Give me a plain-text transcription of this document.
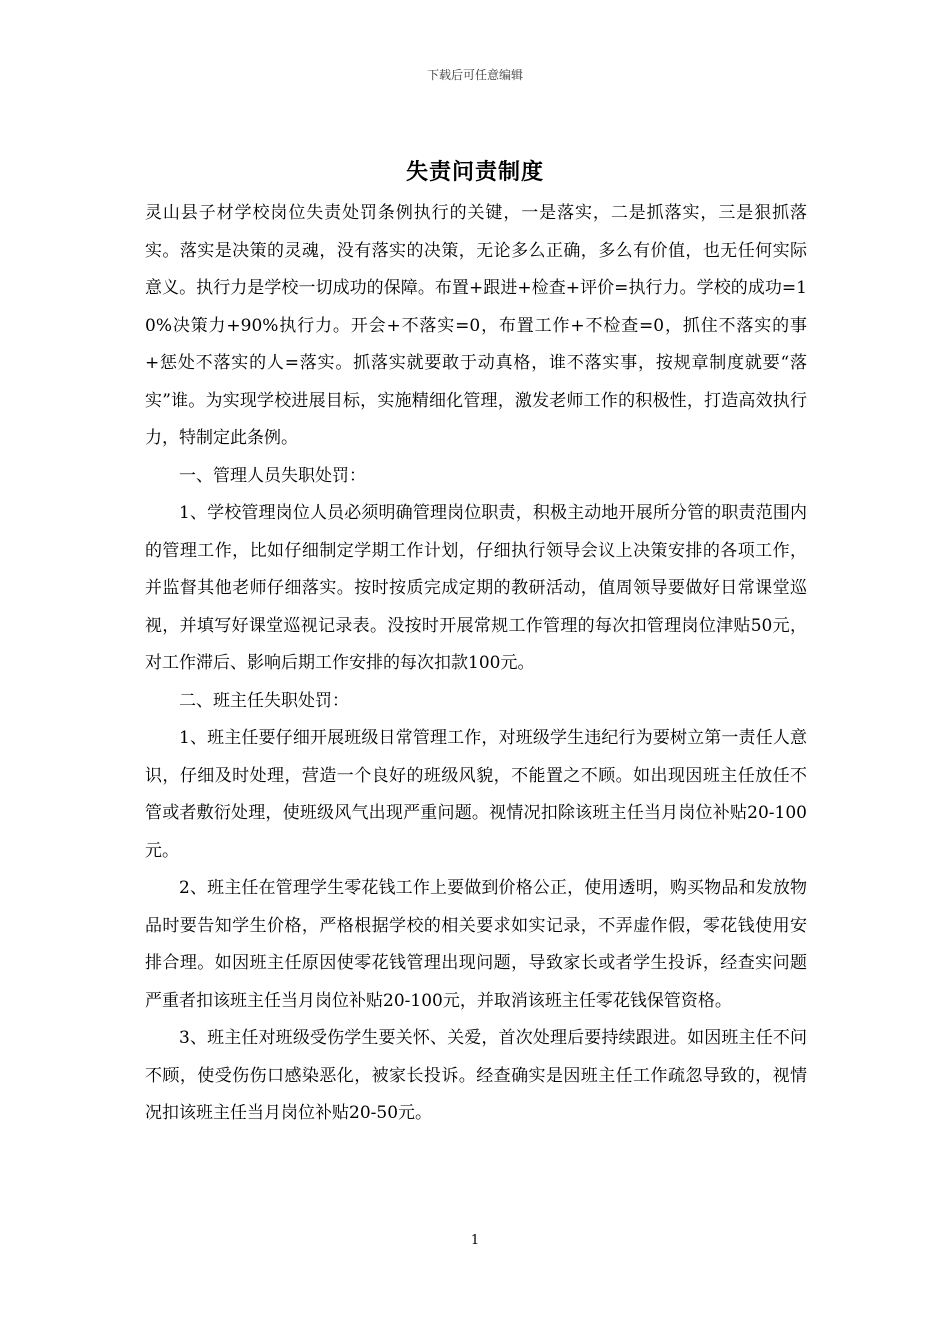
下载后可任意编辑
失责问责制度

灵山县子材学校岗位失责处罚条例执行的关键，一是落实，二是抓落实，三是狠抓落实。落实是决策的灵魂，没有落实的决策，无论多么正确，多么有价值，也无任何实际意义。执行力是学校一切成功的保障。布置+跟进+检查+评价=执行力。学校的成功=10%决策力+90%执行力。开会+不落实=0，布置工作+不检查=0，抓住不落实的事+惩处不落实的人=落实。抓落实就要敢于动真格，谁不落实事，按规章制度就要“落实”谁。为实现学校进展目标，实施精细化管理，激发老师工作的积极性，打造高效执行力，特制定此条例。

一、管理人员失职处罚：

1、学校管理岗位人员必须明确管理岗位职责，积极主动地开展所分管的职责范围内的管理工作，比如仔细制定学期工作计划，仔细执行领导会议上决策安排的各项工作，并监督其他老师仔细落实。按时按质完成定期的教研活动，值周领导要做好日常课堂巡视，并填写好课堂巡视记录表。没按时开展常规工作管理的每次扣管理岗位津贴50元，对工作滞后、影响后期工作安排的每次扣款100元。

二、班主任失职处罚：

1、班主任要仔细开展班级日常管理工作，对班级学生违纪行为要树立第一责任人意识，仔细及时处理，营造一个良好的班级风貌，不能置之不顾。如出现因班主任放任不管或者敷衍处理，使班级风气出现严重问题。视情况扣除该班主任当月岗位补贴20-100元。

2、班主任在管理学生零花钱工作上要做到价格公正，使用透明，购买物品和发放物品时要告知学生价格，严格根据学校的相关要求如实记录，不弄虚作假，零花钱使用安排合理。如因班主任原因使零花钱管理出现问题，导致家长或者学生投诉，经查实问题严重者扣该班主任当月岗位补贴20-100元，并取消该班主任零花钱保管资格。

3、班主任对班级受伤学生要关怀、关爱，首次处理后要持续跟进。如因班主任不问不顾，使受伤伤口感染恶化，被家长投诉。经查确实是因班主任工作疏忽导致的，视情况扣该班主任当月岗位补贴20-50元。

1
